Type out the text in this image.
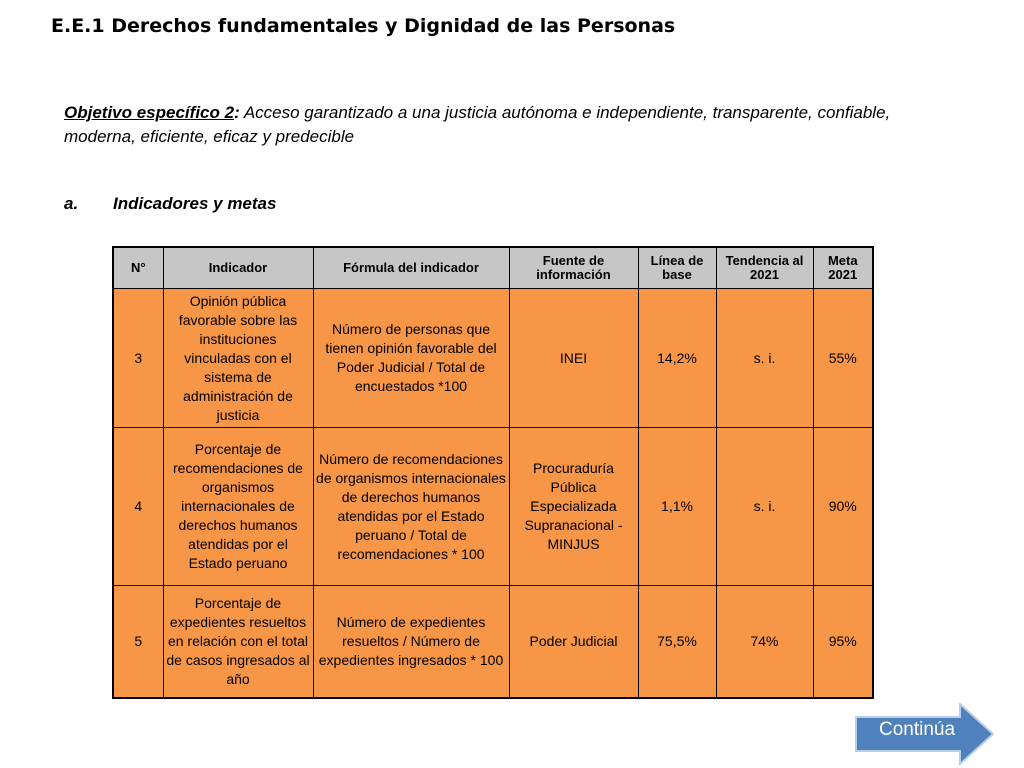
E.E.1 Derechos fundamentales y Dignidad de las Personas
Objetivo específico 2: Acceso garantizado a una justicia autónoma e independiente, transparente, confiable, moderna, eficiente, eficaz y predecible
a. Indicadores y metas
N°	Indicador	Fórmula del indicador	Fuente de información	Línea de base	Tendencia al 2021	Meta 2021
3	Opinión pública favorable sobre las instituciones vinculadas con el sistema de administración de justicia	Número de personas que tienen opinión favorable del Poder Judicial / Total de encuestados *100	INEI	14,2%	s. i.	55%
4	Porcentaje de recomendaciones de organismos internacionales de derechos humanos atendidas por el Estado peruano	Número de recomendaciones de organismos internacionales de derechos humanos atendidas por el Estado peruano / Total de recomendaciones * 100	Procuraduría Pública Especializada Supranacional - MINJUS	1,1%	s. i.	90%
5	Porcentaje de expedientes resueltos en relación con el total de casos ingresados al año	Número de expedientes resueltos / Número de expedientes ingresados * 100	Poder Judicial	75,5%	74%	95%
Continúa
